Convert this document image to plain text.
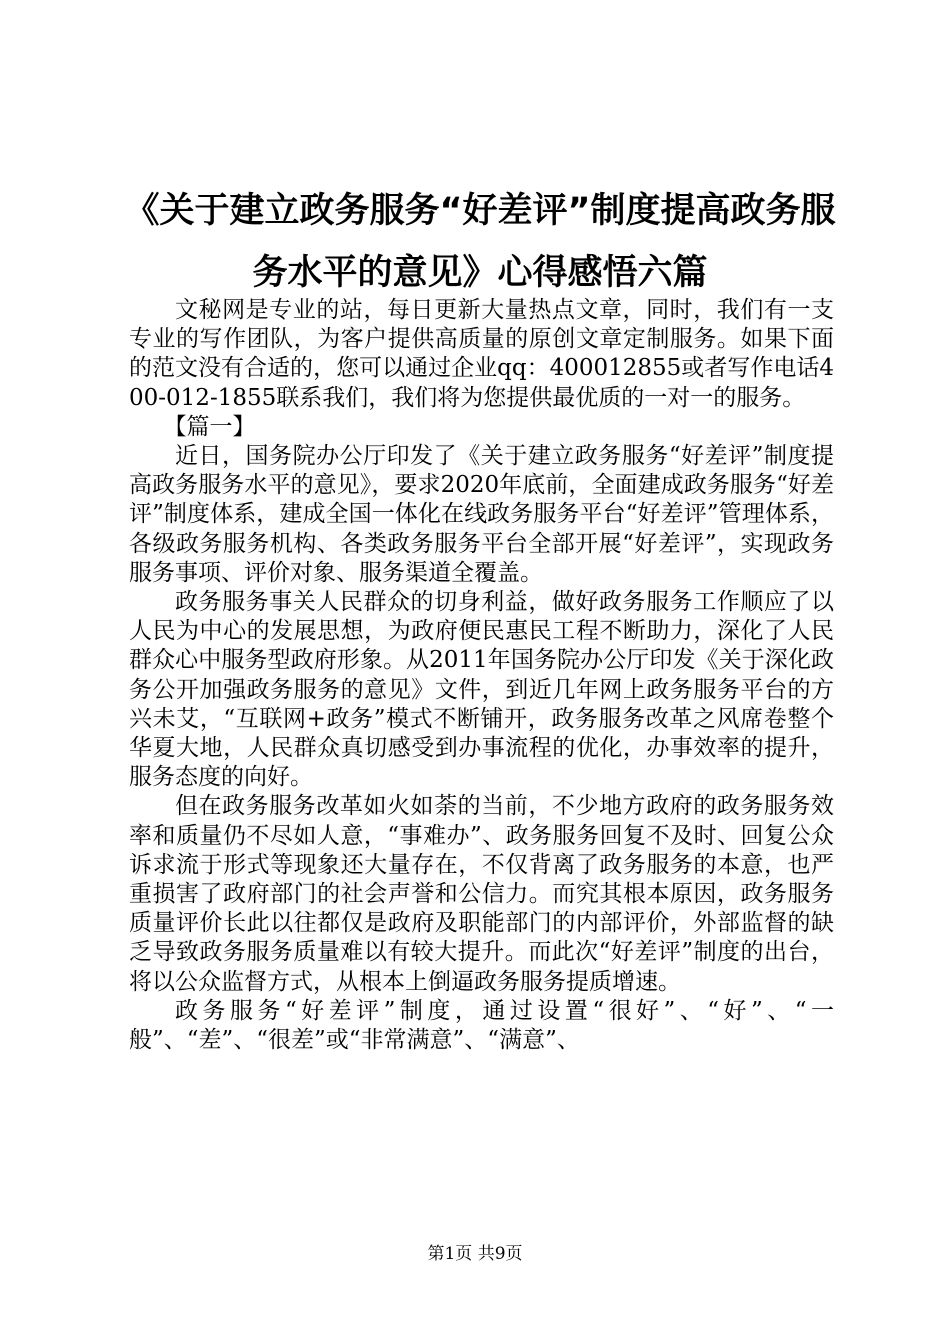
《关于建立政务服务“好差评”制度提高政务服务水平的意见》心得感悟六篇

文秘网是专业的站，每日更新大量热点文章，同时，我们有一支专业的写作团队，为客户提供高质量的原创文章定制服务。如果下面的范文没有合适的，您可以通过企业qq：400012855或者写作电话400-012-1855联系我们，我们将为您提供最优质的一对一的服务。

【篇一】

近日，国务院办公厅印发了《关于建立政务服务“好差评”制度提高政务服务水平的意见》，要求2020年底前，全面建成政务服务“好差评”制度体系，建成全国一体化在线政务服务平台“好差评”管理体系，各级政务服务机构、各类政务服务平台全部开展“好差评”，实现政务服务事项、评价对象、服务渠道全覆盖。

政务服务事关人民群众的切身利益，做好政务服务工作顺应了以人民为中心的发展思想，为政府便民惠民工程不断助力，深化了人民群众心中服务型政府形象。从2011年国务院办公厅印发《关于深化政务公开加强政务服务的意见》文件，到近几年网上政务服务平台的方兴未艾，“互联网+政务”模式不断铺开，政务服务改革之风席卷整个华夏大地，人民群众真切感受到办事流程的优化，办事效率的提升，服务态度的向好。

但在政务服务改革如火如荼的当前，不少地方政府的政务服务效率和质量仍不尽如人意，“事难办”、政务服务回复不及时、回复公众诉求流于形式等现象还大量存在，不仅背离了政务服务的本意，也严重损害了政府部门的社会声誉和公信力。而究其根本原因，政务服务质量评价长此以往都仅是政府及职能部门的内部评价，外部监督的缺乏导致政务服务质量难以有较大提升。而此次“好差评”制度的出台，将以公众监督方式，从根本上倒逼政务服务提质增速。

政务服务“好差评”制度，通过设置“很好”、“好”、“一般”、“差”、“很差”或“非常满意”、“满意”、

第1页 共9页
